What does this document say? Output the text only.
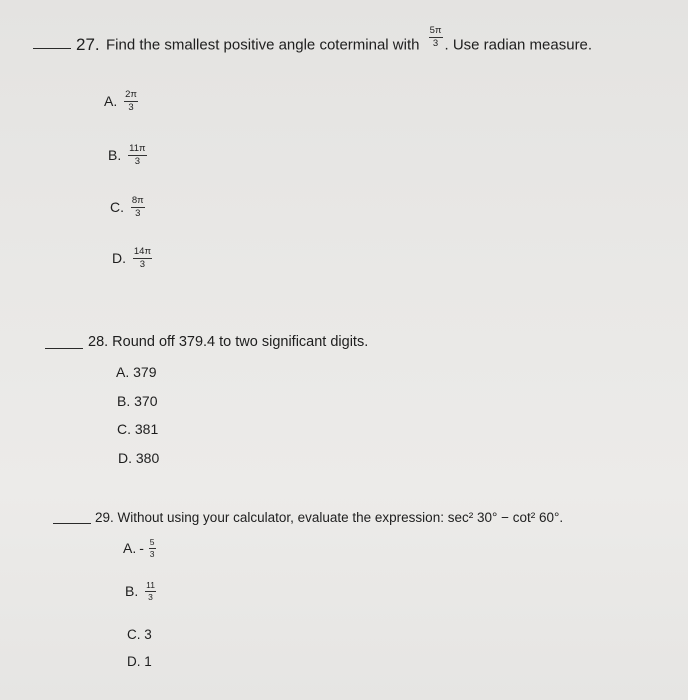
27. Find the smallest positive angle coterminal with $\frac{5\pi}{3}$ . Use radian measure.
A. $\frac{2\pi}{3}$
B. $\frac{11\pi}{3}$
C. $\frac{8\pi}{3}$
D. $\frac{14\pi}{3}$
28. Round off 379.4 to two significant digits.
A. 379
B. 370
C. 381
D. 380
29. Without using your calculator, evaluate the expression: sec² 30° − cot² 60°.
A. - $\frac{5}{3}$
B. $\frac{11}{3}$
C. 3
D. 1
